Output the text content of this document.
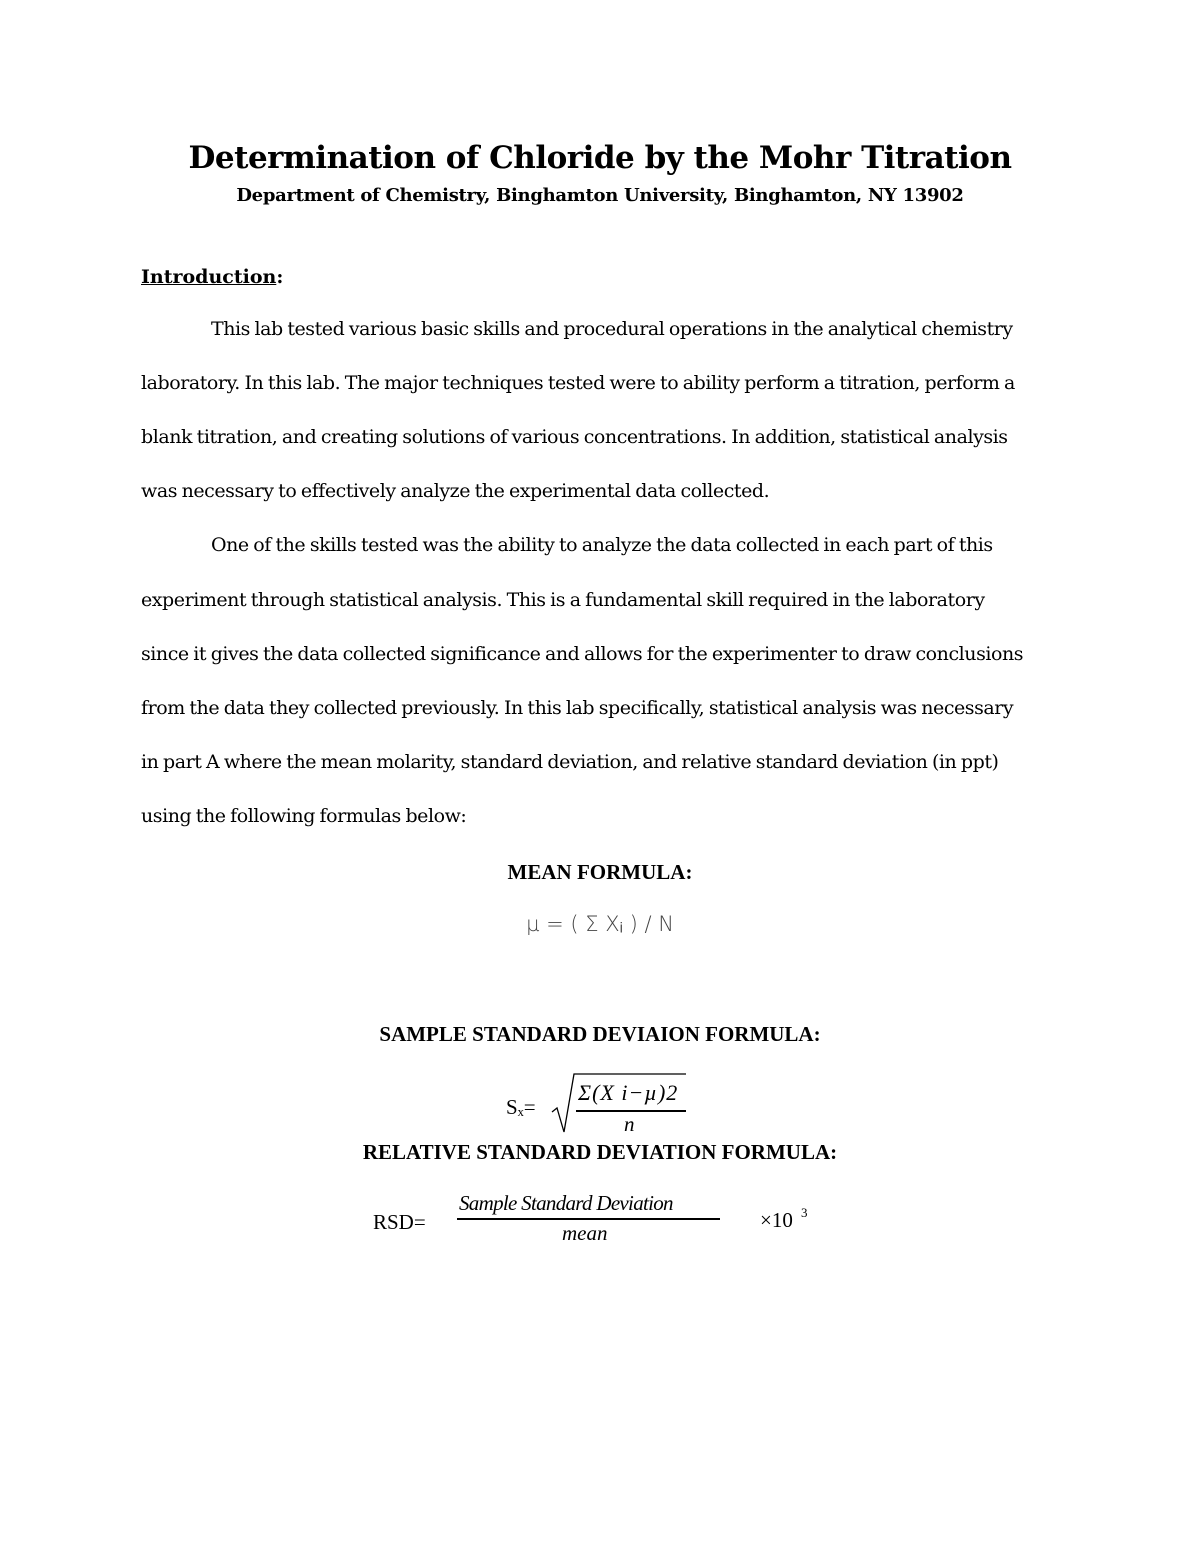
Determination of Chloride by the Mohr Titration
Department of Chemistry, Binghamton University, Binghamton, NY 13902
Introduction:
This lab tested various basic skills and procedural operations in the analytical chemistry
laboratory. In this lab. The major techniques tested were to ability perform a titration, perform a
blank titration, and creating solutions of various concentrations. In addition, statistical analysis
was necessary to effectively analyze the experimental data collected.
One of the skills tested was the ability to analyze the data collected in each part of this
experiment through statistical analysis. This is a fundamental skill required in the laboratory
since it gives the data collected significance and allows for the experimenter to draw conclusions
from the data they collected previously. In this lab specifically, statistical analysis was necessary
in part A where the mean molarity, standard deviation, and relative standard deviation (in ppt)
using the following formulas below:
MEAN FORMULA:
µ = ( Σ Xᵢ ) / N
SAMPLE STANDARD DEVIAION FORMULA:
Sₓ=
Σ(X i−µ)2
n
RELATIVE STANDARD DEVIATION FORMULA:
RSD=
Sample Standard Deviation
mean
×10 3
